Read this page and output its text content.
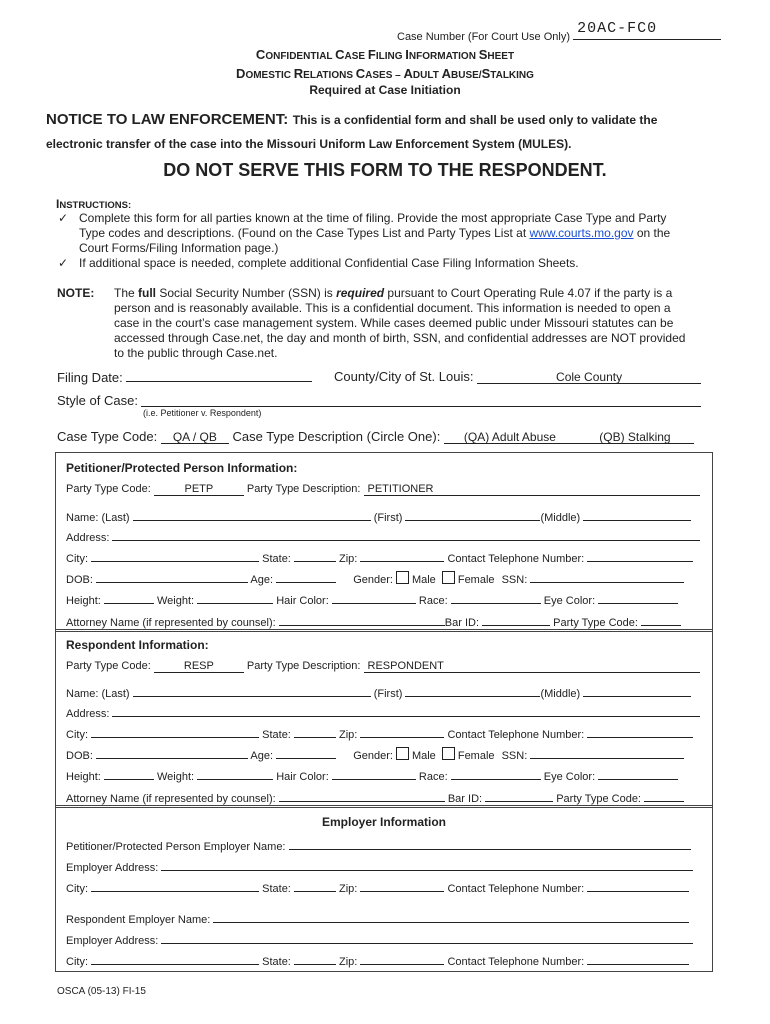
Case Number (For Court Use Only) 20AC-FC0
CONFIDENTIAL CASE FILING INFORMATION SHEET
DOMESTIC RELATIONS CASES – ADULT ABUSE/STALKING
Required at Case Initiation
NOTICE TO LAW ENFORCEMENT: This is a confidential form and shall be used only to validate the
electronic transfer of the case into the Missouri Uniform Law Enforcement System (MULES).
DO NOT SERVE THIS FORM TO THE RESPONDENT.
INSTRUCTIONS:
✓ Complete this form for all parties known at the time of filing. Provide the most appropriate Case Type and Party
Type codes and descriptions. (Found on the Case Types List and Party Types List at www.courts.mo.gov on the
Court Forms/Filing Information page.)
✓ If additional space is needed, complete additional Confidential Case Filing Information Sheets.
NOTE: The full Social Security Number (SSN) is required pursuant to Court Operating Rule 4.07 if the party is a
person and is reasonably available. This is a confidential document. This information is needed to open a
case in the court’s case management system. While cases deemed public under Missouri statutes can be
accessed through Case.net, the day and month of birth, SSN, and confidential addresses are NOT provided
to the public through Case.net.
Filing Date:	County/City of St. Louis:	Cole County
Style of Case:
(i.e. Petitioner v. Respondent)
Case Type Code: QA / QB Case Type Description (Circle One): (QA) Adult Abuse	(QB) Stalking
Petitioner/Protected Person Information:
Party Type Code:	PETP	Party Type Description: PETITIONER
Name: (Last)	(First)	(Middle)
Address:
City:	State:	Zip:	Contact Telephone Number:
DOB:	Age:	Gender: Male Female SSN:
Height:	Weight:	Hair Color:	Race:	Eye Color:
Attorney Name (if represented by counsel):	Bar ID:	Party Type Code:
Respondent Information:
Party Type Code:	RESP	Party Type Description: RESPONDENT
Name: (Last)	(First)	(Middle)
Address:
City:	State:	Zip:	Contact Telephone Number:
DOB:	Age:	Gender: Male Female SSN:
Height:	Weight:	Hair Color:	Race:	Eye Color:
Attorney Name (if represented by counsel):	Bar ID:	Party Type Code:
Employer Information
Petitioner/Protected Person Employer Name:
Employer Address:
City:	State:	Zip:	Contact Telephone Number:
Respondent Employer Name:
Employer Address:
City:	State:	Zip:	Contact Telephone Number:
OSCA (05-13) FI-15
